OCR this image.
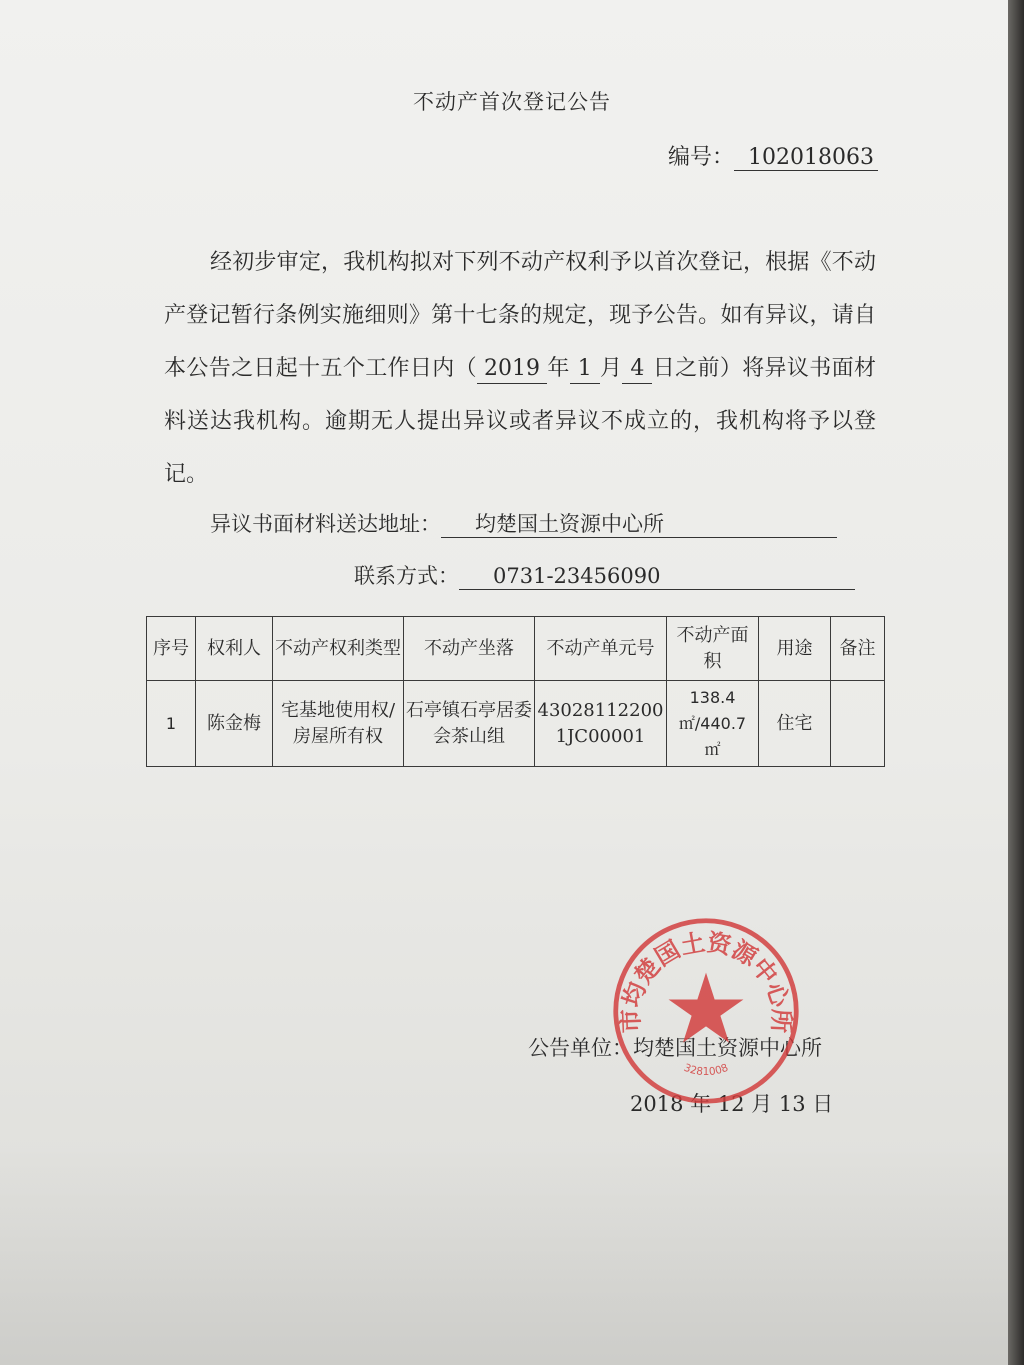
不动产首次登记公告
编号： 102018063
经初步审定，我机构拟对下列不动产权利予以首次登记，根据《不动产登记暂行条例实施细则》第十七条的规定，现予公告。如有异议，请自本公告之日起十五个工作日内（ 2019 年 1 月 4 日之前）将异议书面材料送达我机构。逾期无人提出异议或者异议不成立的，我机构将予以登记。
异议书面材料送达地址： 均楚国土资源中心所
联系方式： 0731-23456090
序号	权利人	不动产权利类型	不动产坐落	不动产单元号	不动产面积	用途	备注
1	陈金梅	宅基地使用权/房屋所有权	石亭镇石亭居委会茶山组	430281122001JC00001	138.4 ㎡/440.7 ㎡	住宅	
公告单位：均楚国土资源中心所
2018 年 12 月 13 日
市均楚国土资源中心所
3281008
